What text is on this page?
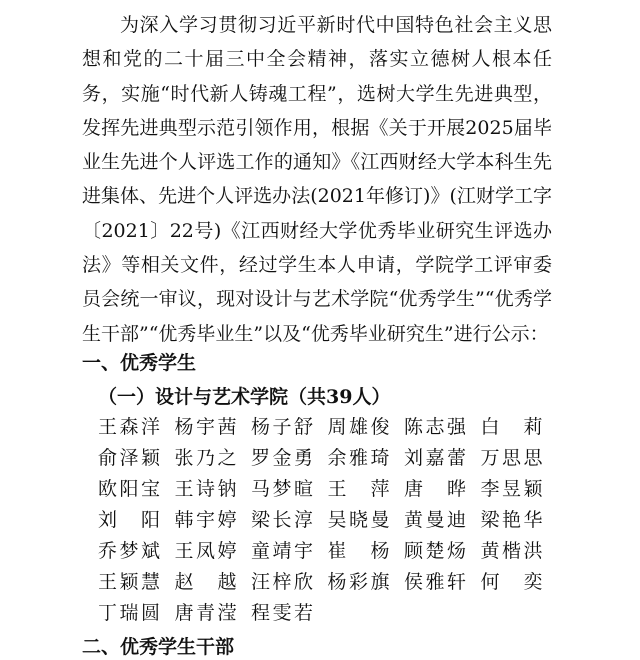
为深入学习贯彻习近平新时代中国特色社会主义思想和党的二十届三中全会精神，落实立德树人根本任务，实施“时代新人铸魂工程”，选树大学生先进典型，发挥先进典型示范引领作用，根据《关于开展2025届毕业生先进个人评选工作的通知》《江西财经大学本科生先进集体、先进个人评选办法(2021年修订)》(江财学工字〔2021〕22号)《江西财经大学优秀毕业研究生评选办法》等相关文件，经过学生本人申请，学院学工评审委员会统一审议，现对设计与艺术学院“优秀学生”“优秀学生干部”“优秀毕业生”以及“优秀毕业研究生”进行公示：
一、优秀学生
（一）设计与艺术学院（共39人）
王 森 洋 杨 宇 茜 杨 子 舒 周 雄 俊 陈 志 强 白 莉
俞 泽 颖 张 乃 之 罗 金 勇 余 雅 琦 刘 嘉 蕾 万 思 思
欧 阳 宝 王 诗 钠 马 梦 暄 王 萍 唐 晔 李 昱 颖
刘 阳 韩 宇 婷 梁 长 淳 吴 晓 曼 黄 曼 迪 梁 艳 华
乔 梦 斌 王 凤 婷 童 靖 宇 崔 杨 顾 楚 炀 黄 楷 洪
王 颖 慧 赵 越 汪 梓 欣 杨 彩 旗 侯 雅 轩 何 奕
丁 瑞 圆 唐 青 滢 程 雯 若
二、优秀学生干部
